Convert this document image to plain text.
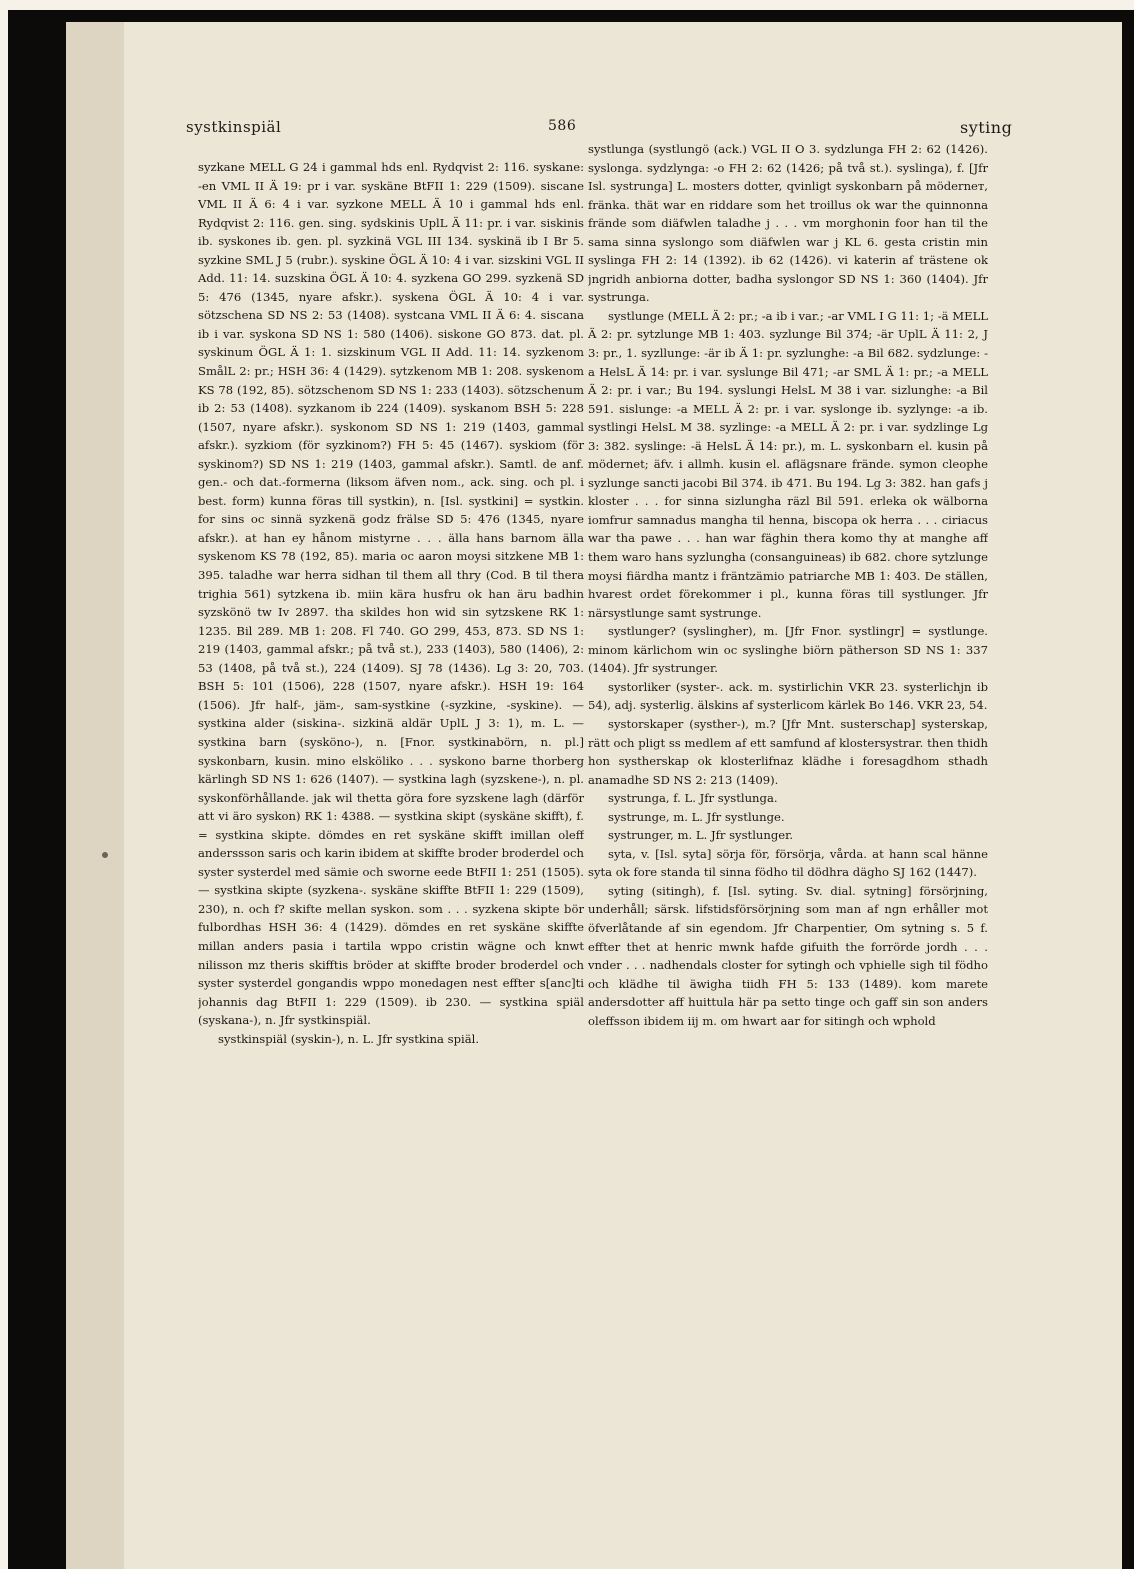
systkinspiäl	586	syting

syzkane MELL G 24 i gammal hds enl. Rydqvist 2: 116. syskane: -en VML II Ä 19: pr i var. syskäne BtFII 1: 229 (1509). siscane VML II Ä 6: 4 i var. syzkone MELL Ä 10 i gammal hds enl. Rydqvist 2: 116. gen. sing. sydskinis UplL Ä 11: pr. i var. siskinis ib. syskones ib. gen. pl. syzkinä VGL III 134. syskinä ib I Br 5. syzkine SML J 5 (rubr.). syskine ÖGL Ä 10: 4 i var. sizskini VGL II Add. 11: 14. suzskina ÖGL Ä 10: 4. syzkena GO 299. syzkenä SD 5: 476 (1345, nyare afskr.). syskena ÖGL Ä 10: 4 i var. sötzschena SD NS 2: 53 (1408). systcana VML II Ä 6: 4. siscana ib i var. syskona SD NS 1: 580 (1406). siskone GO 873. dat. pl. syskinum ÖGL Ä 1: 1. sizskinum VGL II Add. 11: 14. syzkenom SmålL 2: pr.; HSH 36: 4 (1429). sytzkenom MB 1: 208. syskenom KS 78 (192, 85). sötzschenom SD NS 1: 233 (1403). sötzschenum ib 2: 53 (1408). syzkanom ib 224 (1409). syskanom BSH 5: 228 (1507, nyare afskr.). syskonom SD NS 1: 219 (1403, gammal afskr.). syzkiom (för syzkinom?) FH 5: 45 (1467). syskiom (för syskinom?) SD NS 1: 219 (1403, gammal afskr.). Samtl. de anf. gen.- och dat.-formerna (liksom äfven nom., ack. sing. och pl. i best. form) kunna föras till systkin), n. [Isl. systkini] = systkin. for sins oc sinnä syzkenä godz frälse SD 5: 476 (1345, nyare afskr.). at han ey hånom mistyrne . . . älla hans barnom älla syskenom KS 78 (192, 85). maria oc aaron moysi sitzkene MB 1: 395. taladhe war herra sidhan til them all thry (Cod. B til thera trighia 561) sytzkena ib. miin kära husfru ok han äru badhin syzskönö tw Iv 2897. tha skildes hon wid sin sytzskene RK 1: 1235. Bil 289. MB 1: 208. Fl 740. GO 299, 453, 873. SD NS 1: 219 (1403, gammal afskr.; på två st.), 233 (1403), 580 (1406), 2: 53 (1408, på två st.), 224 (1409). SJ 78 (1436). Lg 3: 20, 703. BSH 5: 101 (1506), 228 (1507, nyare afskr.). HSH 19: 164 (1506). Jfr half-, jäm-, sam-systkine (-syzkine, -syskine). — systkina alder (siskina-. sizkinä aldär UplL J 3: 1), m. L. — systkina barn (sysköno-), n. [Fnor. systkinabörn, n. pl.] syskonbarn, kusin. mino elskölikо . . . syskono barne thorberg kärlingh SD NS 1: 626 (1407). — systkina lagh (syzskene-), n. pl. syskonförhållande. jak wil thetta göra fore syzskene lagh (därför att vi äro syskon) RK 1: 4388. — systkina skipt (syskäne skifft), f. = systkina skipte. dömdes en ret syskäne skifft imillan oleff anderssson saris och karin ibidem at skiffte broder broderdel och syster systerdel med sämie och sworne eede BtFII 1: 251 (1505). — systkina skipte (syzkena-. syskäne skiffte BtFII 1: 229 (1509), 230), n. och f? skifte mellan syskon. som . . . syzkena skipte bör fulbordhas HSH 36: 4 (1429). dömdes en ret syskäne skiffte millan anders pasia i tartila wppo cristin wägne och knwt nilisson mz theris skifftis bröder at skiffte broder broderdel och syster systerdel gongandis wppo monedagen nest effter s[anc]ti johannis dag BtFII 1: 229 (1509). ib 230. — systkina spiäl (syskana-), n. Jfr systkinspiäl.

systkinspiäl (syskin-), n. L. Jfr systkina spiäl.

systlunga (systlungö (ack.) VGL II O 3. sydzlunga FH 2: 62 (1426). syslonga. sydzlynga: -o FH 2: 62 (1426; på två st.). syslinga), f. [Jfr Isl. systrunga] L. mosters dotter, qvinligt syskonbarn på möderneт, fränka. thät war en riddare som het troillus ok war the quinnonna frände som diäfwlen taladhe j . . . vm morghonin foor han til the sama sinna syslongo som diäfwlen war j KL 6. gesta cristin min syslinga FH 2: 14 (1392). ib 62 (1426). vi katerin af trästene ok jngridh anbiorna dotter, badha syslongor SD NS 1: 360 (1404). Jfr systrunga.

systlunge (MELL Ä 2: pr.; -a ib i var.; -ar VML I G 11: 1; -ä MELL Ä 2: pr. sytzlunge MB 1: 403. syzlunge Bil 374; -är UplL Ä 11: 2, J 3: pr., 1. syzllunge: -är ib Ä 1: pr. syzlunghe: -a Bil 682. sydzlunge: -a HelsL Ä 14: pr. i var. syslunge Bil 471; -ar SML Ä 1: pr.; -a MELL Ä 2: pr. i var.; Bu 194. syslungi HelsL M 38 i var. sizlunghe: -a Bil 591. sislunge: -a MELL Ä 2: pr. i var. syslonge ib. syzlynge: -a ib. systlingi HelsL M 38. syzlinge: -a MELL Ä 2: pr. i var. sydzlinge Lg 3: 382. syslinge: -ä HelsL Ä 14: pr.), m. L. syskonbarn el. kusin på mödernet; äfv. i allmh. kusin el. aflägsnare frände. symon cleophe syzlunge sancti jacobi Bil 374. ib 471. Bu 194. Lg 3: 382. han gafs j kloster . . . for sinna sizlungha räzl Bil 591. erleka ok wälborna iomfrur samnadus mangha til henna, biscopa ok herra . . . ciriacus war tha pawe . . . han war fäghin thera komo thy at manghe aff them waro hans syzlungha (consanguineas) ib 682. chore sytzlunge moysi fiärdha mantz i fräntzämio patriarche MB 1: 403. De ställen, hvarest ordet förekommer i pl., kunna föras till systlunger. Jfr närsystlunge samt systrunge.

systlunger? (syslingher), m. [Jfr Fnor. systlingr] = systlunge. minom kärlichom win oc syslinghe biörn pätherson SD NS 1: 337 (1404). Jfr systrunger.

systorliker (syster-. ack. m. systirlichin VKR 23. systerlichjn ib 54), adj. systerlig. älskins af systerlicom kärlek Bo 146. VKR 23, 54.

systorskaper (systher-), m.? [Jfr Mnt. susterschap] systerskap, rätt och pligt ss medlem af ett samfund af klostersystrar. then thidh hon systherskap ok klosterlifnaz klädhe i foresagdhom sthadh anamadhe SD NS 2: 213 (1409).

systrunga, f. L. Jfr systlunga.

systrunge, m. L. Jfr systlunge.

systrunger, m. L. Jfr systlunger.

syta, v. [Isl. syta] sörja för, försörja, vårda. at hann scal hänne syta ok fore standa til sinna födho til dödhra dägho SJ 162 (1447).

syting (sitingh), f. [Isl. syting. Sv. dial. sytning] försörjning, underhåll; särsk. lifstidsförsörjning som man af ngn erhåller mot öfverlåtande af sin egendom. Jfr Charpentier, Om sytning s. 5 f. effter thet at henric mwnk hafde gifuith the forrörde jordh . . . vnder . . . nadhendals closter for sytingh och vphielle sigh til födho och klädhe til äwigha tiidh FH 5: 133 (1489). kom marete andersdotter aff huittula här pa setto tinge och gaff sin son anders oleffsson ibidem iij m. om hwart aar for sitingh och wphold
